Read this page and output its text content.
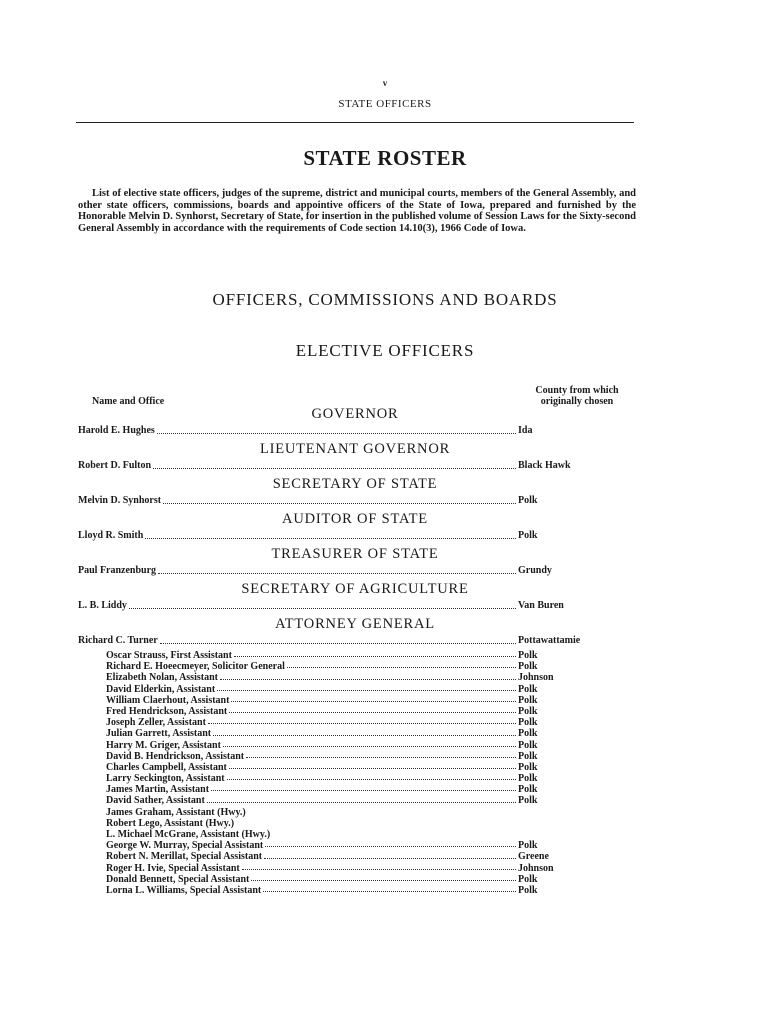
v
STATE OFFICERS
STATE ROSTER
List of elective state officers, judges of the supreme, district and municipal courts, members of the General Assembly, and other state officers, commissions, boards and appointive officers of the State of Iowa, prepared and furnished by the Honorable Melvin D. Synhorst, Secretary of State, for insertion in the published volume of Session Laws for the Sixty-second General Assembly in accordance with the requirements of Code section 14.10(3), 1966 Code of Iowa.
OFFICERS, COMMISSIONS AND BOARDS
ELECTIVE OFFICERS
Name and Office
County from which
originally chosen
GOVERNOR
Harold E. Hughes	Ida
LIEUTENANT GOVERNOR
Robert D. Fulton	Black Hawk
SECRETARY OF STATE
Melvin D. Synhorst	Polk
AUDITOR OF STATE
Lloyd R. Smith	Polk
TREASURER OF STATE
Paul Franzenburg	Grundy
SECRETARY OF AGRICULTURE
L. B. Liddy	Van Buren
ATTORNEY GENERAL
Richard C. Turner	Pottawattamie
Oscar Strauss, First Assistant	Polk
Richard E. Hoeecmeyer, Solicitor General	Polk
Elizabeth Nolan, Assistant	Johnson
David Elderkin, Assistant	Polk
William Claerhout, Assistant	Polk
Fred Hendrickson, Assistant	Polk
Joseph Zeller, Assistant	Polk
Julian Garrett, Assistant	Polk
Harry M. Griger, Assistant	Polk
David B. Hendrickson, Assistant	Polk
Charles Campbell, Assistant	Polk
Larry Seckington, Assistant	Polk
James Martin, Assistant	Polk
David Sather, Assistant	Polk
James Graham, Assistant (Hwy.)
Robert Lego, Assistant (Hwy.)
L. Michael McGrane, Assistant (Hwy.)
George W. Murray, Special Assistant	Polk
Robert N. Merillat, Special Assistant	Greene
Roger H. Ivie, Special Assistant	Johnson
Donald Bennett, Special Assistant	Polk
Lorna L. Williams, Special Assistant	Polk
